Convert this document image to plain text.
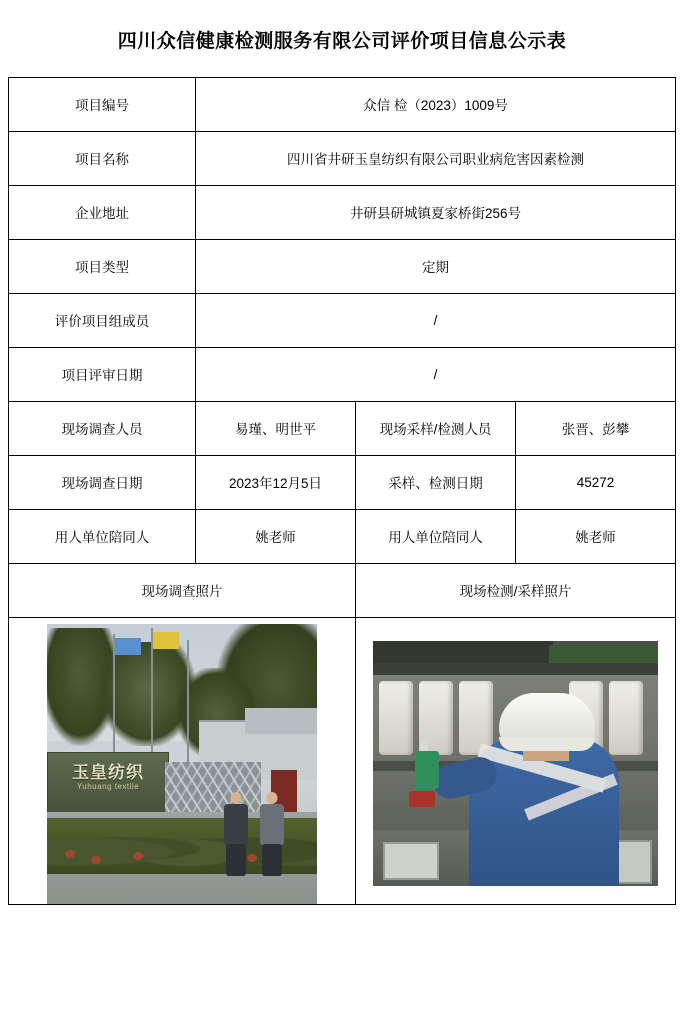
四川众信健康检测服务有限公司评价项目信息公示表
项目编号	众信 检（2023）1009号		
项目名称	四川省井研玉皇纺织有限公司职业病危害因素检测		
企业地址	井研县研城镇夏家桥街256号		
项目类型	定期		
评价项目组成员	/		
项目评审日期	/		
现场调查人员	易瑾、明世平	现场采样/检测人员	张晋、彭攀
现场调查日期	2023年12月5日	采样、检测日期	45272
用人单位陪同人	姚老师	用人单位陪同人	姚老师
现场调查照片		现场检测/采样照片	

玉皇纺织
Yuhuang textile			
